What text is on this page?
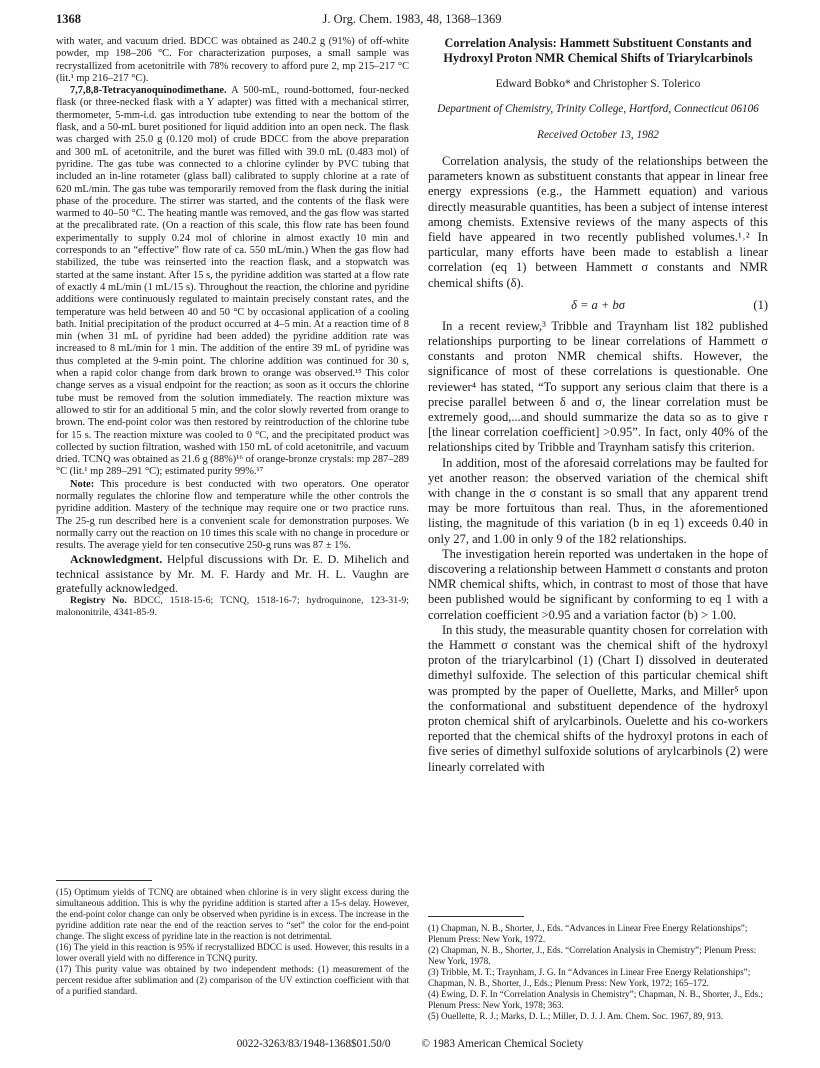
1368	J. Org. Chem. 1983, 48, 1368–1369

with water, and vacuum dried. BDCC was obtained as 240.2 g (91%) of off-white powder, mp 198–206 °C. For characterization purposes, a small sample was recrystallized from acetonitrile with 78% recovery to afford pure 2, mp 215–217 °C (lit.¹ mp 216–217 °C).

7,7,8,8-Tetracyanoquinodimethane. A 500-mL, round-bottomed, four-necked flask (or three-necked flask with a Y adapter) was fitted with a mechanical stirrer, thermometer, 5-mm-i.d. gas introduction tube extending to near the bottom of the flask, and a 50-mL buret positioned for liquid addition into an open neck. The flask was charged with 25.0 g (0.120 mol) of crude BDCC from the above preparation and 300 mL of acetonitrile, and the buret was filled with 39.0 mL (0.483 mol) of pyridine. The gas tube was connected to a chlorine cylinder by PVC tubing that included an in-line rotameter (glass ball) calibrated to supply chlorine at a rate of 620 mL/min. The gas tube was temporarily removed from the flask during the initial phase of the procedure. The stirrer was started, and the contents of the flask were warmed to 40–50 °C. The heating mantle was removed, and the gas flow was started at the precalibrated rate. (On a reaction of this scale, this flow rate has been found experimentally to supply 0.24 mol of chlorine in almost exactly 10 min and corresponds to an “effective” flow rate of ca. 550 mL/min.) When the gas flow had stabilized, the tube was reinserted into the reaction flask, and a stopwatch was started at the same instant. After 15 s, the pyridine addition was started at a flow rate of exactly 4 mL/min (1 mL/15 s). Throughout the reaction, the chlorine and pyridine additions were continuously regulated to maintain precisely constant rates, and the temperature was held between 40 and 50 °C by occasional application of a cooling bath. Initial precipitation of the product occurred at 4–5 min. At a reaction time of 8 min (when 31 mL of pyridine had been added) the pyridine addition rate was increased to 8 mL/min for 1 min. The addition of the entire 39 mL of pyridine was thus completed at the 9-min point. The chlorine addition was continued for 30 s, when a rapid color change from dark brown to orange was observed.¹⁵ This color change serves as a visual endpoint for the reaction; as soon as it occurs the chlorine tube must be removed from the solution immediately. The reaction mixture was allowed to stir for an additional 5 min, and the color slowly reverted from orange to brown. The end-point color was then restored by reintroduction of the chlorine tube for 15 s. The reaction mixture was cooled to 0 °C, and the precipitated product was collected by suction filtration, washed with 150 mL of cold acetonitrile, and vacuum dried. TCNQ was obtained as 21.6 g (88%)¹⁶ of orange-bronze crystals: mp 287–289 °C (lit.¹ mp 289–291 °C); estimated purity 99%.¹⁷

Note: This procedure is best conducted with two operators. One operator normally regulates the chlorine flow and temperature while the other controls the pyridine addition. Mastery of the technique may require one or two practice runs. The 25-g run described here is a convenient scale for demonstration purposes. We normally carry out the reaction on 10 times this scale with no change in procedure or results. The average yield for ten consecutive 250-g runs was 87 ± 1%.

Acknowledgment. Helpful discussions with Dr. E. D. Mihelich and technical assistance by Mr. M. F. Hardy and Mr. H. L. Vaughn are gratefully acknowledged.

Registry No. BDCC, 1518-15-6; TCNQ, 1518-16-7; hydroquinone, 123-31-9; malononitrile, 4341-85-9.

Correlation Analysis: Hammett Substituent Constants and Hydroxyl Proton NMR Chemical Shifts of Triarylcarbinols
Edward Bobko* and Christopher S. Tolerico
Department of Chemistry, Trinity College, Hartford, Connecticut 06106
Received October 13, 1982

Correlation analysis, the study of the relationships between the parameters known as substituent constants that appear in linear free energy expressions (e.g., the Hammett equation) and various directly measurable quantities, has been a subject of intense interest among chemists. Extensive reviews of the many aspects of this field have appeared in two recently published volumes.¹˒² In particular, many efforts have been made to establish a linear correlation (eq 1) between Hammett σ constants and NMR chemical shifts (δ).

δ = a + bσ	(1)

In a recent review,³ Tribble and Traynham list 182 published relationships purporting to be linear correlations of Hammett σ constants and proton NMR chemical shifts. However, the significance of most of these correlations is questionable. One reviewer⁴ has stated, “To support any serious claim that there is a precise parallel between δ and σ, the linear correlation must be extremely good,...and should summarize the data so as to give r [the linear correlation coefficient] >0.95”. In fact, only 40% of the relationships cited by Tribble and Traynham satisfy this criterion.

In addition, most of the aforesaid correlations may be faulted for yet another reason: the observed variation of the chemical shift with change in the σ constant is so small that any apparent trend may be more fortuitous than real. Thus, in the aforementioned listing, the magnitude of this variation (b in eq 1) exceeds 0.40 in only 27, and 1.00 in only 9 of the 182 relationships.

The investigation herein reported was undertaken in the hope of discovering a relationship between Hammett σ constants and proton NMR chemical shifts, which, in contrast to most of those that have been published would be significant by conforming to eq 1 with a correlation coefficient >0.95 and a variation factor (b) > 1.00.

In this study, the measurable quantity chosen for correlation with the Hammett σ constant was the chemical shift of the hydroxyl proton of the triarylcarbinol (1) (Chart I) dissolved in deuterated dimethyl sulfoxide. The selection of this particular chemical shift was prompted by the paper of Ouellette, Marks, and Miller⁵ upon the conformational and substituent dependence of the hydroxyl proton chemical shift of arylcarbinols. Ouelette and his co-workers reported that the chemical shifts of the hydroxyl protons in each of five series of dimethyl sulfoxide solutions of arylcarbinols (2) were linearly correlated with

(15) Optimum yields of TCNQ are obtained when chlorine is in very slight excess during the simultaneous addition. This is why the pyridine addition is started after a 15-s delay. However, the end-point color change can only be observed when pyridine is in excess. The increase in the pyridine addition rate near the end of the reaction serves to “set” the color for the end-point change. The slight excess of pyridine late in the reaction is not detrimental.

(16) The yield in this reaction is 95% if recrystallized BDCC is used. However, this results in a lower overall yield with no difference in TCNQ purity.

(17) This purity value was obtained by two independent methods: (1) measurement of the percent residue after sublimation and (2) comparison of the UV extinction coefficient with that of a purified standard.

(1) Chapman, N. B., Shorter, J., Eds. “Advances in Linear Free Energy Relationships”; Plenum Press: New York, 1972.

(2) Chapman, N. B., Shorter, J., Eds. “Correlation Analysis in Chemistry”; Plenum Press: New York, 1978.

(3) Tribble, M. T.; Traynham, J. G. In “Advances in Linear Free Energy Relationships”; Chapman, N. B., Shorter, J., Eds.; Plenum Press: New York, 1972; 165–172.

(4) Ewing, D. F. In “Correlation Analysis in Chemistry”; Chapman, N. B., Shorter, J., Eds.; Plenum Press: New York, 1978; 363.

(5) Ouellette, R. J.; Marks, D. L.; Miller, D. J. J. Am. Chem. Soc. 1967, 89, 913.

0022-3263/83/1948-1368$01.50/0	© 1983 American Chemical Society
